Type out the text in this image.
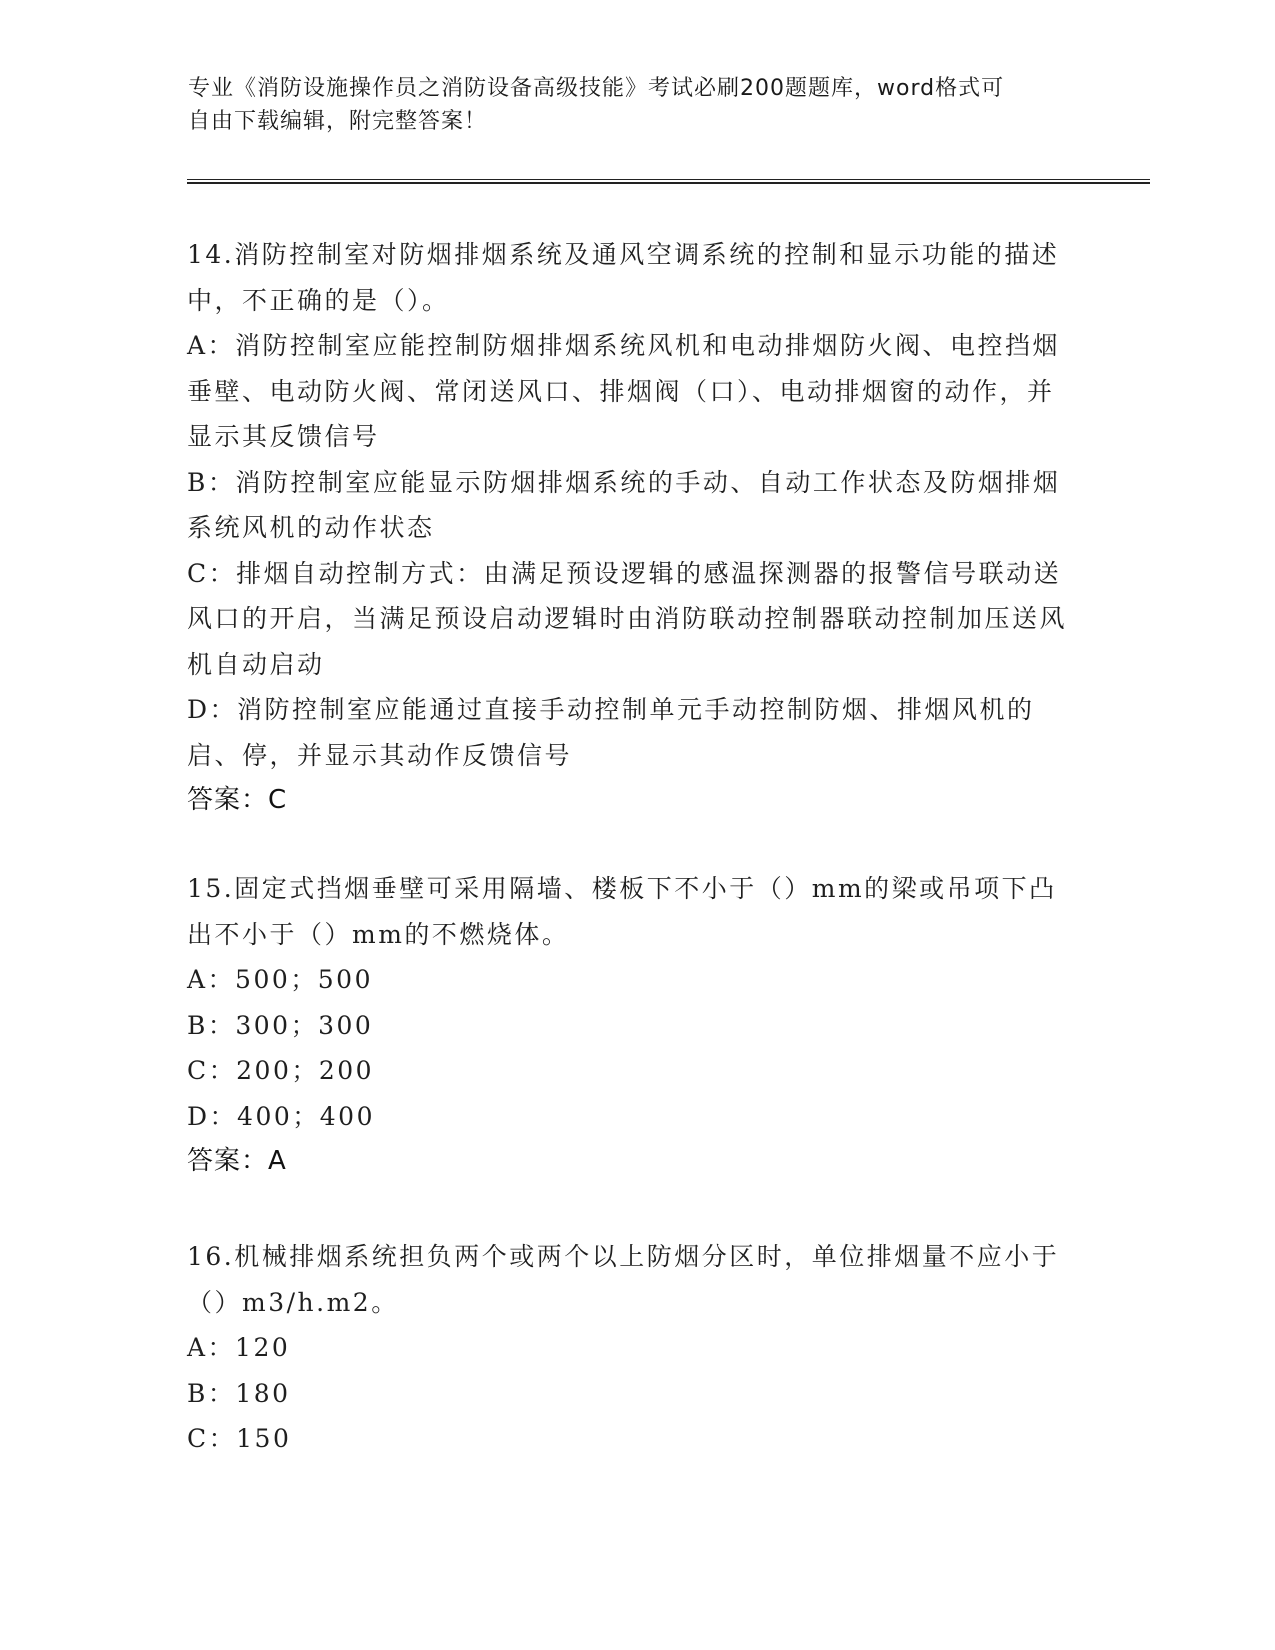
专业《消防设施操作员之消防设备高级技能》考试必刷200题题库，word格式可
自由下载编辑，附完整答案！

14.消防控制室对防烟排烟系统及通风空调系统的控制和显示功能的描述中，不正确的是（）。

A：消防控制室应能控制防烟排烟系统风机和电动排烟防火阀、电控挡烟垂壁、电动防火阀、常闭送风口、排烟阀（口）、电动排烟窗的动作，并显示其反馈信号

B：消防控制室应能显示防烟排烟系统的手动、自动工作状态及防烟排烟系统风机的动作状态

C：排烟自动控制方式：由满足预设逻辑的感温探测器的报警信号联动送风口的开启，当满足预设启动逻辑时由消防联动控制器联动控制加压送风机自动启动

D：消防控制室应能通过直接手动控制单元手动控制防烟、排烟风机的启、停，并显示其动作反馈信号

答案：C

15.固定式挡烟垂壁可采用隔墙、楼板下不小于（）mm的梁或吊项下凸出不小于（）mm的不燃烧体。

A：500；500

B：300；300

C：200；200

D：400；400

答案：A

16.机械排烟系统担负两个或两个以上防烟分区时，单位排烟量不应小于（）m3/h.m2。

A：120

B：180

C：150
